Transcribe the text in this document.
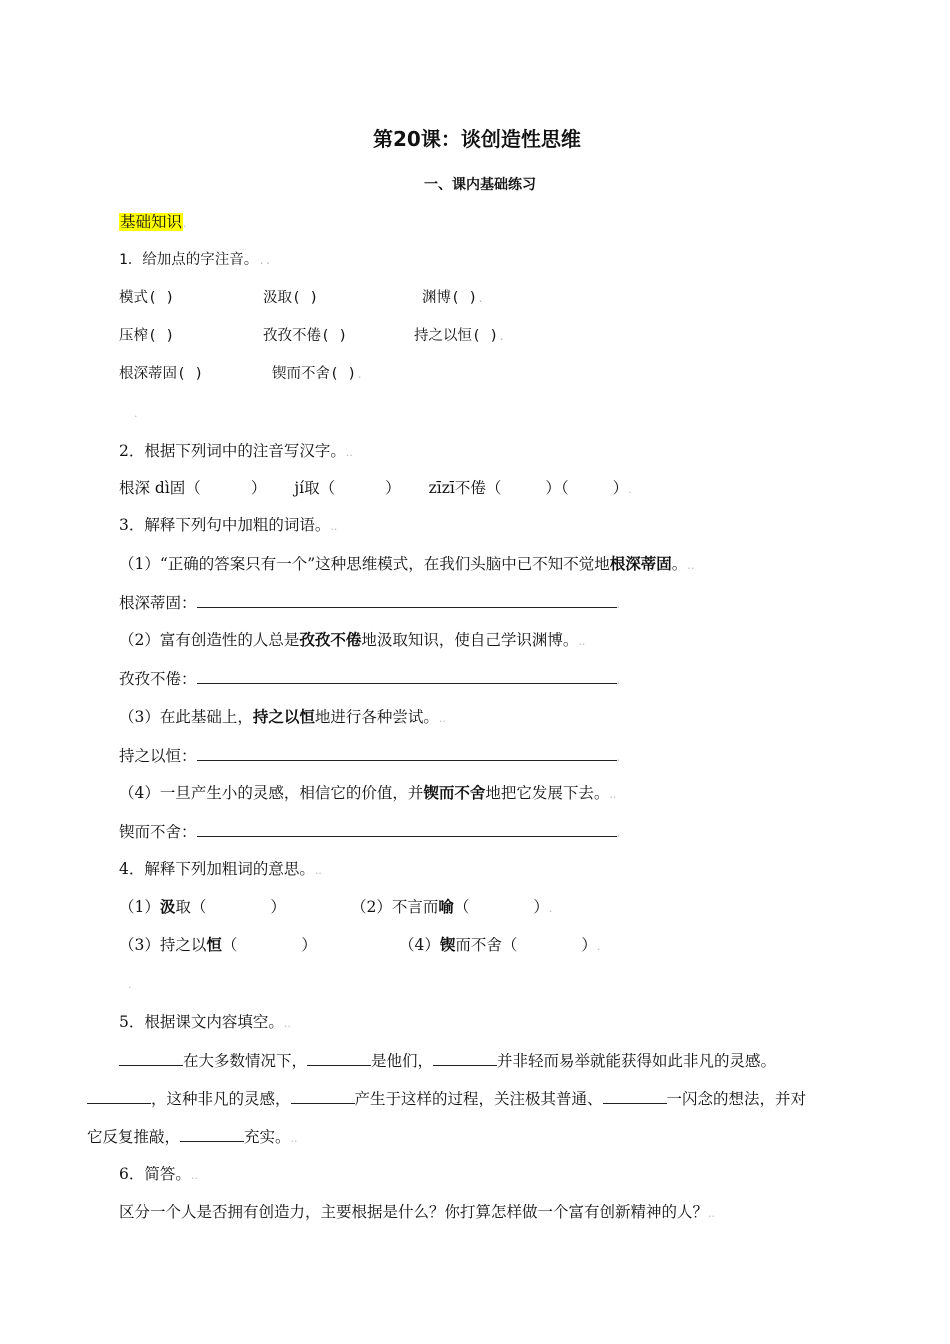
第20课：谈创造性思维
一、课内基础练习
基础知识.
1．给加点的字注音。..
模式( )	汲取( )	渊博( ).
压榨( )	孜孜不倦( )	持之以恒( ).
根深蒂固( )	锲而不舍( ).
.
2．根据下列词中的注音写汉字。..
根深 dì固（	） jí取（	） zīzī不倦（	）（	）.
3．解释下列句中加粗的词语。..
（1）“正确的答案只有一个”这种思维模式，在我们头脑中已不知不觉地根深蒂固。..
根深蒂固：	.
（2）富有创造性的人总是孜孜不倦地汲取知识，使自己学识渊博。..
孜孜不倦：	.
（3）在此基础上，持之以恒地进行各种尝试。..
持之以恒：	.
（4）一旦产生小的灵感，相信它的价值，并锲而不舍地把它发展下去。..
锲而不舍：	.
4．解释下列加粗词的意思。..
（1）汲取（	）	（2）不言而喻（	）.
（3）持之以恒（	）	（4）锲而不舍（	）.
.
5．根据课文内容填空。..
在大多数情况下，	是他们，	并非轻而易举就能获得如此非凡的灵感。
，这种非凡的灵感，	产生于这样的过程，关注极其普通、	一闪念的想法，并对
它反复推敲，	充实。..
6．简答。..
区分一个人是否拥有创造力，主要根据是什么？你打算怎样做一个富有创新精神的人？..
